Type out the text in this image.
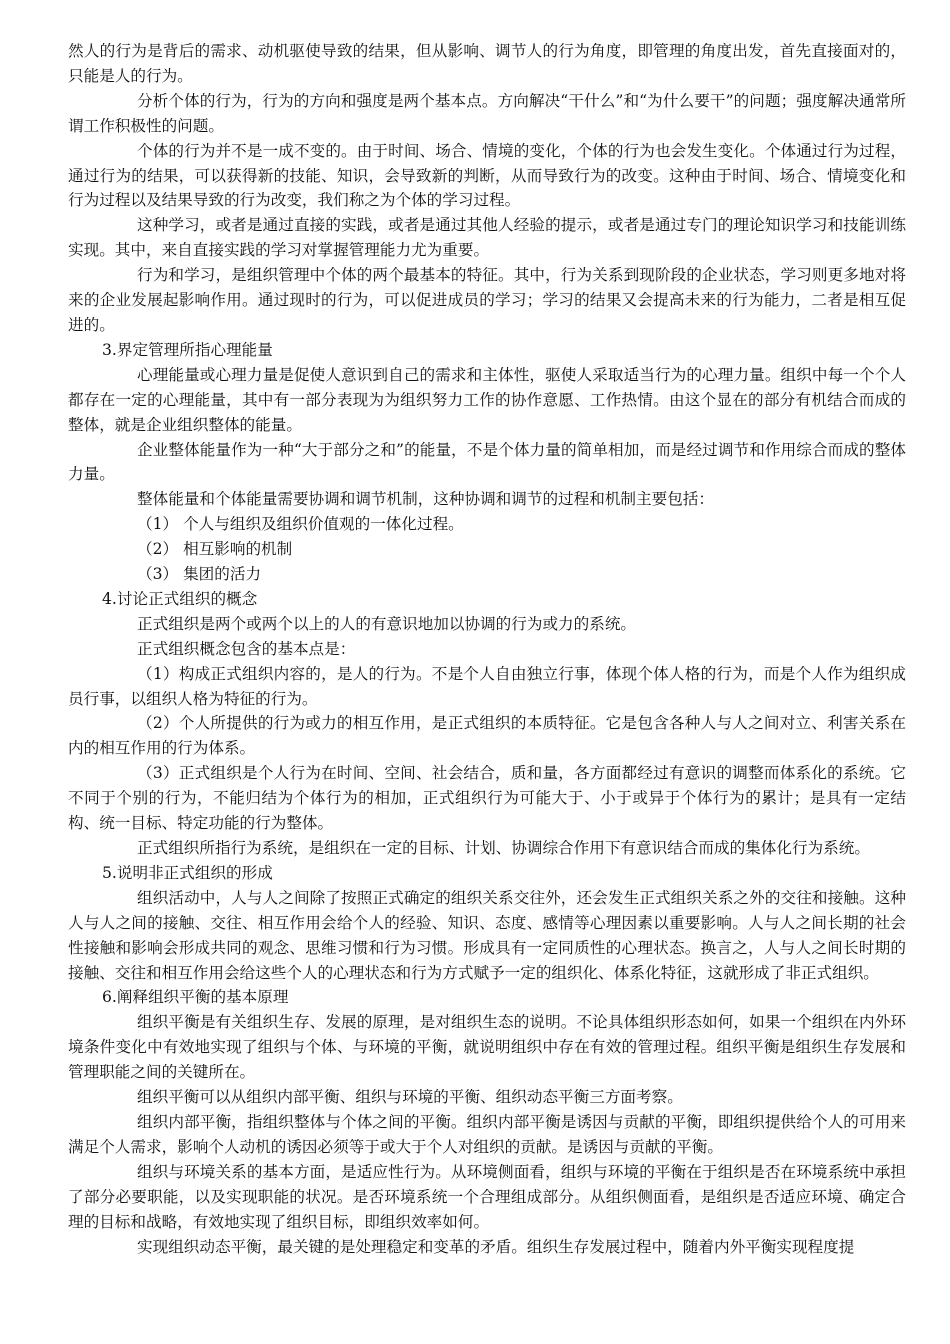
然人的行为是背后的需求、动机驱使导致的结果，但从影响、调节人的行为角度，即管理的角度出发，首先直接面对的，只能是人的行为。

分析个体的行为，行为的方向和强度是两个基本点。方向解决“干什么”和“为什么要干”的问题；强度解决通常所谓工作积极性的问题。

个体的行为并不是一成不变的。由于时间、场合、情境的变化，个体的行为也会发生变化。个体通过行为过程，通过行为的结果，可以获得新的技能、知识，会导致新的判断，从而导致行为的改变。这种由于时间、场合、情境变化和行为过程以及结果导致的行为改变，我们称之为个体的学习过程。

这种学习，或者是通过直接的实践，或者是通过其他人经验的提示，或者是通过专门的理论知识学习和技能训练实现。其中，来自直接实践的学习对掌握管理能力尤为重要。

行为和学习，是组织管理中个体的两个最基本的特征。其中，行为关系到现阶段的企业状态，学习则更多地对将来的企业发展起影响作用。通过现时的行为，可以促进成员的学习；学习的结果又会提高未来的行为能力，二者是相互促进的。

3.界定管理所指心理能量

心理能量或心理力量是促使人意识到自己的需求和主体性，驱使人采取适当行为的心理力量。组织中每一个个人都存在一定的心理能量，其中有一部分表现为为组织努力工作的协作意愿、工作热情。由这个显在的部分有机结合而成的整体，就是企业组织整体的能量。

企业整体能量作为一种“大于部分之和”的能量，不是个体力量的简单相加，而是经过调节和作用综合而成的整体力量。

整体能量和个体能量需要协调和调节机制，这种协调和调节的过程和机制主要包括：

（1） 个人与组织及组织价值观的一体化过程。

（2） 相互影响的机制

（3） 集团的活力

4.讨论正式组织的概念

正式组织是两个或两个以上的人的有意识地加以协调的行为或力的系统。

正式组织概念包含的基本点是：

（1）构成正式组织内容的，是人的行为。不是个人自由独立行事，体现个体人格的行为，而是个人作为组织成员行事，以组织人格为特征的行为。

（2）个人所提供的行为或力的相互作用，是正式组织的本质特征。它是包含各种人与人之间对立、利害关系在内的相互作用的行为体系。

（3）正式组织是个人行为在时间、空间、社会结合，质和量，各方面都经过有意识的调整而体系化的系统。它不同于个别的行为，不能归结为个体行为的相加，正式组织行为可能大于、小于或异于个体行为的累计；是具有一定结构、统一目标、特定功能的行为整体。

正式组织所指行为系统，是组织在一定的目标、计划、协调综合作用下有意识结合而成的集体化行为系统。

5.说明非正式组织的形成

组织活动中，人与人之间除了按照正式确定的组织关系交往外，还会发生正式组织关系之外的交往和接触。这种人与人之间的接触、交往、相互作用会给个人的经验、知识、态度、感情等心理因素以重要影响。人与人之间长期的社会性接触和影响会形成共同的观念、思维习惯和行为习惯。形成具有一定同质性的心理状态。换言之，人与人之间长时期的接触、交往和相互作用会给这些个人的心理状态和行为方式赋予一定的组织化、体系化特征，这就形成了非正式组织。

6.阐释组织平衡的基本原理

组织平衡是有关组织生存、发展的原理，是对组织生态的说明。不论具体组织形态如何，如果一个组织在内外环境条件变化中有效地实现了组织与个体、与环境的平衡，就说明组织中存在有效的管理过程。组织平衡是组织生存发展和管理职能之间的关键所在。

组织平衡可以从组织内部平衡、组织与环境的平衡、组织动态平衡三方面考察。

组织内部平衡，指组织整体与个体之间的平衡。组织内部平衡是诱因与贡献的平衡，即组织提供给个人的可用来满足个人需求，影响个人动机的诱因必须等于或大于个人对组织的贡献。是诱因与贡献的平衡。

组织与环境关系的基本方面，是适应性行为。从环境侧面看，组织与环境的平衡在于组织是否在环境系统中承担了部分必要职能，以及实现职能的状况。是否环境系统一个合理组成部分。从组织侧面看，是组织是否适应环境、确定合理的目标和战略，有效地实现了组织目标，即组织效率如何。

实现组织动态平衡，最关键的是处理稳定和变革的矛盾。组织生存发展过程中，随着内外平衡实现程度提
